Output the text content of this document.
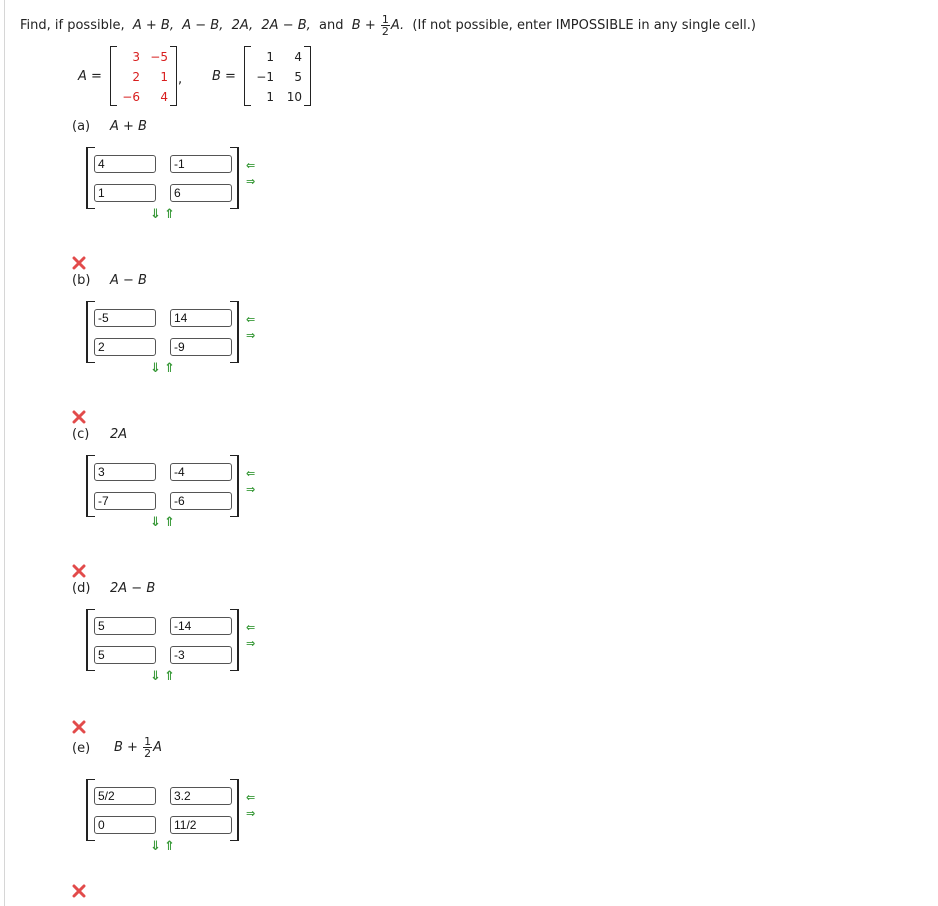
Find, if possible, A + B, A − B, 2A, 2A − B, and $B + \frac{1}{2} A$. (If not possible, enter IMPOSSIBLE in any single cell.)
A =
3 −5
2	1
−6	4
, B =
1	4
−1	5
1	10
(a) A + B
4	-1
1	6
⇐
⇒
⇓ ⇑
(b) A − B
-5	14
2	-9
⇐
⇒
⇓ ⇑
(c) 2A
3	-4
-7	-6
⇐
⇒
⇓ ⇑
(d) 2A − B
5	-14
5	-3
⇐
⇒
⇓ ⇑
(e) $B + \frac{1}{2}$ A
5/2	3.2
0	11/2
⇐
⇒
⇓ ⇑
